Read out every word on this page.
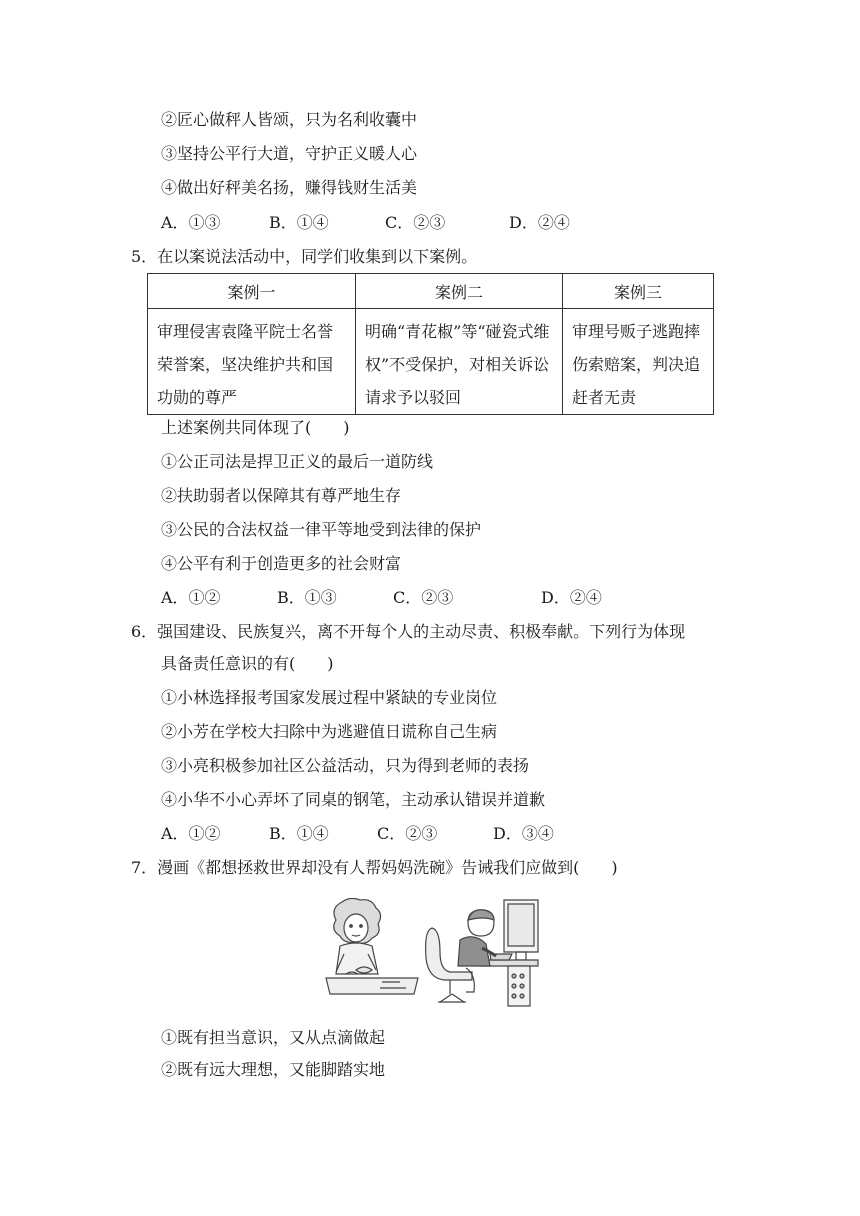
②匠心做秤人皆颂，只为名利收囊中
③坚持公平行大道，守护正义暖人心
④做出好秤美名扬，赚得钱财生活美
A．①③	B．①④	C．②③	D．②④
5．在以案说法活动中，同学们收集到以下案例。
案例一	案例二	案例三

审理侵害袁隆平院士名誉荣誉案，坚决维护共和国功勋的尊严	明确“青花椒”等“碰瓷式维权”不受保护，对相关诉讼请求予以驳回	审理号贩子逃跑摔伤索赔案，判决追赶者无责
上述案例共同体现了(　　)
①公正司法是捍卫正义的最后一道防线
②扶助弱者以保障其有尊严地生存
③公民的合法权益一律平等地受到法律的保护
④公平有利于创造更多的社会财富
A．①②	B．①③	C．②③	D．②④
6．强国建设、民族复兴，离不开每个人的主动尽责、积极奉献。下列行为体现
具备责任意识的有(　　)
①小林选择报考国家发展过程中紧缺的专业岗位
②小芳在学校大扫除中为逃避值日谎称自己生病
③小亮积极参加社区公益活动，只为得到老师的表扬
④小华不小心弄坏了同桌的钢笔，主动承认错误并道歉
A．①②	B．①④	C．②③	D．③④
7．漫画《都想拯救世界却没有人帮妈妈洗碗》告诫我们应做到(　　)
①既有担当意识，又从点滴做起
②既有远大理想，又能脚踏实地
